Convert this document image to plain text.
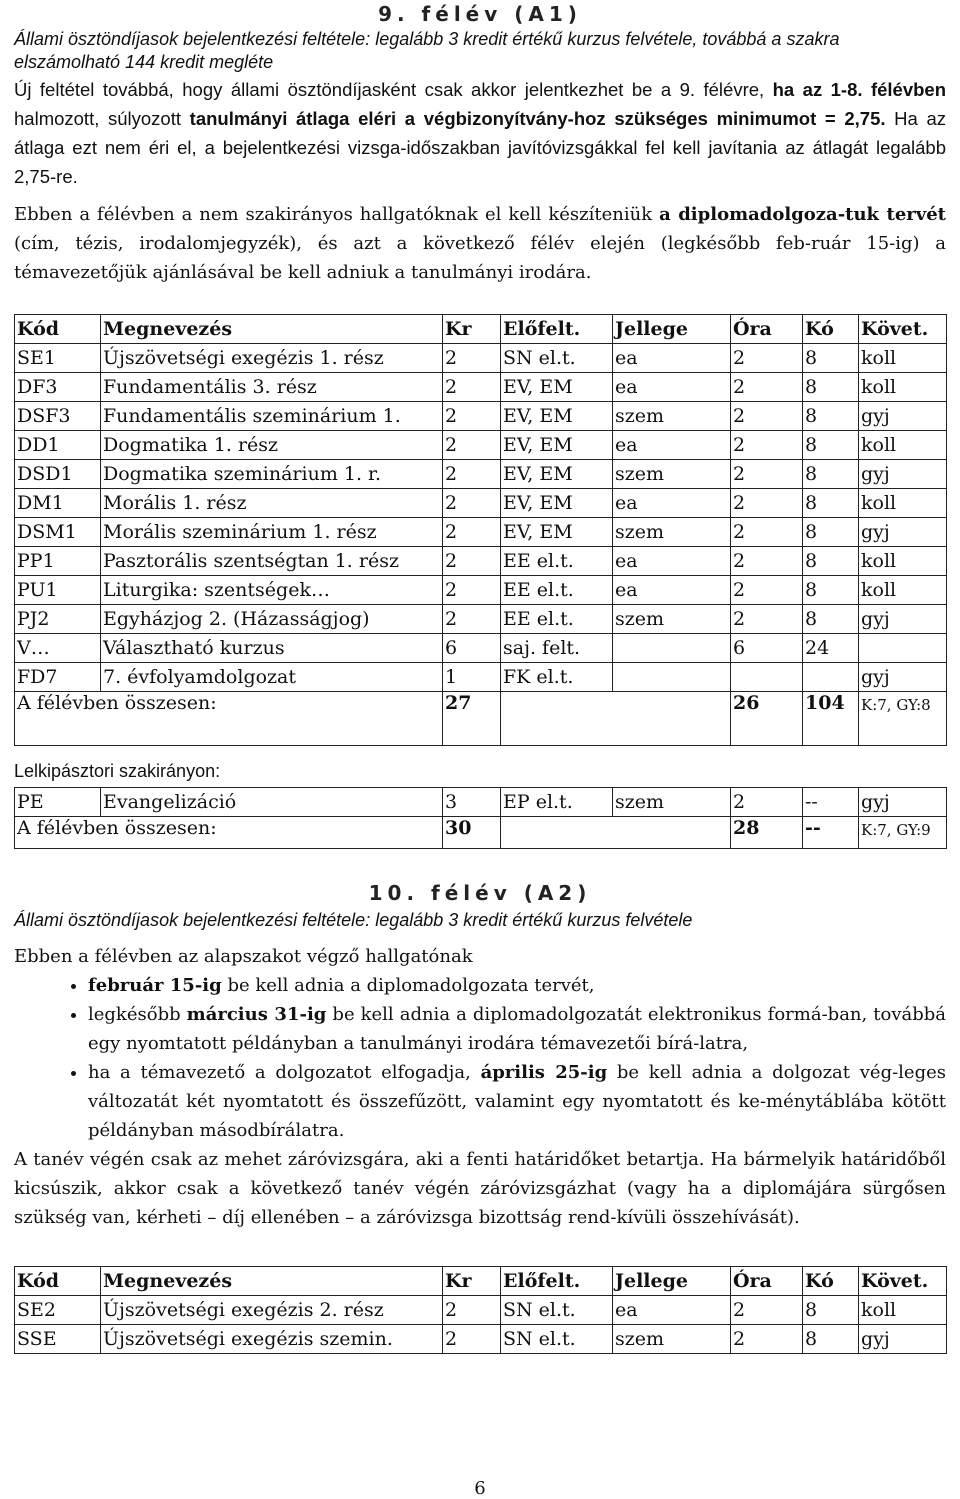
9. félév (A1)
Állami ösztöndíjasok bejelentkezési feltétele: legalább 3 kredit értékű kurzus felvétele, továbbá a szakra elszámolható 144 kredit megléte
Új feltétel továbbá, hogy állami ösztöndíjasként csak akkor jelentkezhet be a 9. félévre, ha az 1-8. félévben halmozott, súlyozott tanulmányi átlaga eléri a végbizonyítvány-hoz szükséges minimumot = 2,75. Ha az átlaga ezt nem éri el, a bejelentkezési vizsga-időszakban javítóvizsgákkal fel kell javítania az átlagát legalább 2,75-re.
Ebben a félévben a nem szakirányos hallgatóknak el kell készíteniük a diplomadolgoza-tuk tervét (cím, tézis, irodalomjegyzék), és azt a következő félév elején (legkésőbb feb-ruár 15-ig) a témavezetőjük ajánlásával be kell adniuk a tanulmányi irodára.
Kód	Megnevezés	Kr	Előfelt.	Jellege	Óra	Kó	Követ.
SE1	Újszövetségi exegézis 1. rész	2	SN el.t.	ea	2	8	koll
DF3	Fundamentális 3. rész	2	EV, EM	ea	2	8	koll
DSF3	Fundamentális szeminárium 1.	2	EV, EM	szem	2	8	gyj
DD1	Dogmatika 1. rész	2	EV, EM	ea	2	8	koll
DSD1	Dogmatika szeminárium 1. r.	2	EV, EM	szem	2	8	gyj
DM1	Morális 1. rész	2	EV, EM	ea	2	8	koll
DSM1	Morális szeminárium 1. rész	2	EV, EM	szem	2	8	gyj
PP1	Pasztorális szentségtan 1. rész	2	EE el.t.	ea	2	8	koll
PU1	Liturgika: szentségek…	2	EE el.t.	ea	2	8	koll
PJ2	Egyházjog 2. (Házasságjog)	2	EE el.t.	szem	2	8	gyj
V…	Választható kurzus	6	saj. felt.		6	24	
FD7	7. évfolyamdolgozat	1	FK el.t.				gyj
A félévben összesen:		27			26	104	K:7, GY:8
Lelkipásztori szakirányon:
PE	Evangelizáció	3	EP el.t.	szem	2	--	gyj
A félévben összesen:		30			28	--	K:7, GY:9
10. félév (A2)
Állami ösztöndíjasok bejelentkezési feltétele: legalább 3 kredit értékű kurzus felvétele
Ebben a félévben az alapszakot végző hallgatónak
• február 15-ig be kell adnia a diplomadolgozata tervét,
• legkésőbb március 31-ig be kell adnia a diplomadolgozatát elektronikus formá-ban, továbbá egy nyomtatott példányban a tanulmányi irodára témavezetői bírá-latra,
• ha a témavezető a dolgozatot elfogadja, április 25-ig be kell adnia a dolgozat vég-leges változatát két nyomtatott és összefűzött, valamint egy nyomtatott és ke-ménytáblába kötött példányban másodbírálatra.
A tanév végén csak az mehet záróvizsgára, aki a fenti határidőket betartja. Ha bármelyik határidőből kicsúszik, akkor csak a következő tanév végén záróvizsgázhat (vagy ha a diplomájára sürgősen szükség van, kérheti – díj ellenében – a záróvizsga bizottság rend-kívüli összehívását).
Kód	Megnevezés	Kr	Előfelt.	Jellege	Óra	Kó	Követ.
SE2	Újszövetségi exegézis 2. rész	2	SN el.t.	ea	2	8	koll
SSE	Újszövetségi exegézis szemin.	2	SN el.t.	szem	2	8	gyj
6
